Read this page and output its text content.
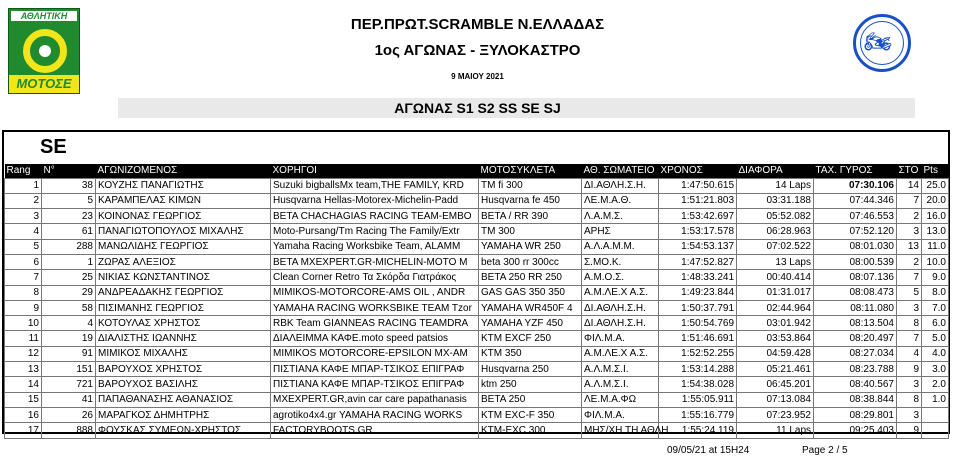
ΑΘΛΗΤΙΚΗ
ΜΟΤΟΣΕ
🏍
ΠΕΡ.ΠΡΩΤ.SCRAMBLE Ν.ΕΛΛΑΔΑΣ
1ος ΑΓΩΝΑΣ - ΞΥΛΟΚΑΣΤΡΟ
9 ΜΑΙΟΥ 2021
ΑΓΩΝΑΣ S1 S2 SS SE SJ
SE
Rang	N°	ΑΓΩΝΙΖΟΜΕΝΟΣ	ΧΟΡΗΓΟΙ	ΜΟΤΟΣΥΚΛΕΤΑ	ΑΘ. ΣΩΜΑΤΕΙΟ	ΧΡΟΝΟΣ	ΔΙΑΦΟΡΑ	ΤΑΧ. ΓΥΡΟΣ	ΣΤΟ	Pts
1	38	ΚΟΥΖΗΣ ΠΑΝΑΓΙΩΤΗΣ	Suzuki bigballsMx team,THE FAMILY, KRD	TM fi 300	ΔΙ.ΑΘΛΗ.Σ.Η.	1:47:50.615	14 Laps	07:30.106	14	25.0
2	5	ΚΑΡΑΜΠΕΛΑΣ ΚΙΜΩΝ	Husqvarna Hellas-Motorex-Michelin-Padd	Husqvarna fe 450	ΛΕ.Μ.Α.Θ.	1:51:21.803	03:31.188	07:44.346	7	20.0
3	23	ΚΟΙΝΟΝΑΣ ΓΕΩΡΓΙΟΣ	BETA CHACHAGIAS RACING TEAM-EMBO	BETA / RR 390	Λ.Α.Μ.Σ.	1:53:42.697	05:52.082	07:46.553	2	16.0
4	61	ΠΑΝΑΓΙΩΤΟΠΟΥΛΟΣ ΜΙΧΑΛΗΣ	Moto-Pursang/Tm Racing The Family/Extr	TM 300	ΑΡΗΣ	1:53:17.578	06:28.963	07:52.120	3	13.0
5	288	ΜΑΝΩΛΙΔΗΣ ΓΕΩΡΓΙΟΣ	Yamaha Racing Worksbike Team, ALAMM	YAMAHA WR 250	Α.Λ.Α.Μ.Μ.	1:54:53.137	07:02.522	08:01.030	13	11.0
6	1	ΖΩΡΑΣ ΑΛΕΞΙΟΣ	BETA MXEXPERT.GR-MICHELIN-MOTO M	beta 300 rr 300cc	Σ.ΜΟ.Κ.	1:47:52.827	13 Laps	08:00.539	2	10.0
7	25	ΝΙΚΙΑΣ ΚΩΝΣΤΑΝΤΙΝΟΣ	Clean Corner Retro Τα Σκόρδα Γιατράκος	BETA 250 RR 250	Α.Μ.Ο.Σ.	1:48:33.241	00:40.414	08:07.136	7	9.0
8	29	ΑΝΔΡΕΑΔΑΚΗΣ ΓΕΩΡΓΙΟΣ	MIMIKOS-MOTORCORE-AMS OIL , ANDR	GAS GAS 350 350	Α.Μ.ΛΕ.Χ Α.Σ.	1:49:23.844	01:31.017	08:08.473	5	8.0
9	58	ΠΙΣΙΜΑΝΗΣ ΓΕΩΡΓΙΟΣ	YAMAHA RACING WORKSBIKE TEAM Tzor	YAMAHA WR450F 4	ΔΙ.ΑΘΛΗ.Σ.Η.	1:50:37.791	02:44.964	08:11.080	3	7.0
10	4	ΚΟΤΟΥΛΑΣ ΧΡΗΣΤΟΣ	RBK Team GIANNEAS RACING TEAMDRA	YAMAHA YZF 450	ΔΙ.ΑΘΛΗ.Σ.Η.	1:50:54.769	03:01.942	08:13.504	8	6.0
11	19	ΔΙΑΛΙΣΤΗΣ ΙΩΑΝΝΗΣ	ΔΙΑΛΕΙΜΜΑ ΚΑΦΕ.moto speed patsios	KTM EXCF 250	ΦΙΛ.Μ.Α.	1:51:46.691	03:53.864	08:20.497	7	5.0
12	91	ΜΙΜΙΚΟΣ ΜΙΧΑΛΗΣ	MIMIKOS MOTORCORE-EPSILON MX-AM	KTM 350	Α.Μ.ΛΕ.Χ Α.Σ.	1:52:52.255	04:59.428	08:27.034	4	4.0
13	151	ΒΑΡΟΥΧΟΣ ΧΡΗΣΤΟΣ	ΠΙΣΤΙΑΝΑ ΚΑΦΕ ΜΠΑΡ-ΤΣΙΚΟΣ ΕΠΙΓΡΑΦ	Husqvarna 250	Α.Λ.Μ.Σ.Ι.	1:53:14.288	05:21.461	08:23.788	9	3.0
14	721	ΒΑΡΟΥΧΟΣ ΒΑΣΙΛΗΣ	ΠΙΣΤΙΑΝΑ ΚΑΦΕ ΜΠΑΡ-ΤΣΙΚΟΣ ΕΠΙΓΡΑΦ	ktm 250	Α.Λ.Μ.Σ.Ι.	1:54:38.028	06:45.201	08:40.567	3	2.0
15	41	ΠΑΠΑΘΑΝΑΣΗΣ ΑΘΑΝΑΣΙΟΣ	MXEXPERT.GR,avin car care papathanasis	BETA 250	ΛΕ.Μ.Α.ΦΩ	1:55:05.911	07:13.084	08:38.844	8	1.0
16	26	ΜΑΡΑΓΚΟΣ ΔΗΜΗΤΡΗΣ	agrotiko4x4.gr YAMAHA RACING WORKS	KTM EXC-F 350	ΦΙΛ.Μ.Α.	1:55:16.779	07:23.952	08:29.801	3	
17	888	ΦΟΥΣΚΑΣ ΣΥΜΕΩΝ-ΧΡΗΣΤΟΣ	FACTORYBOOTS.GR	KTM-EXC 300	ΜΗΣ/ΧΗ ΤΗ ΑΘΛΗ	1:55:24.119	11 Laps	09:25.403	9	
09/05/21 at 15H24	Page 2 / 5
